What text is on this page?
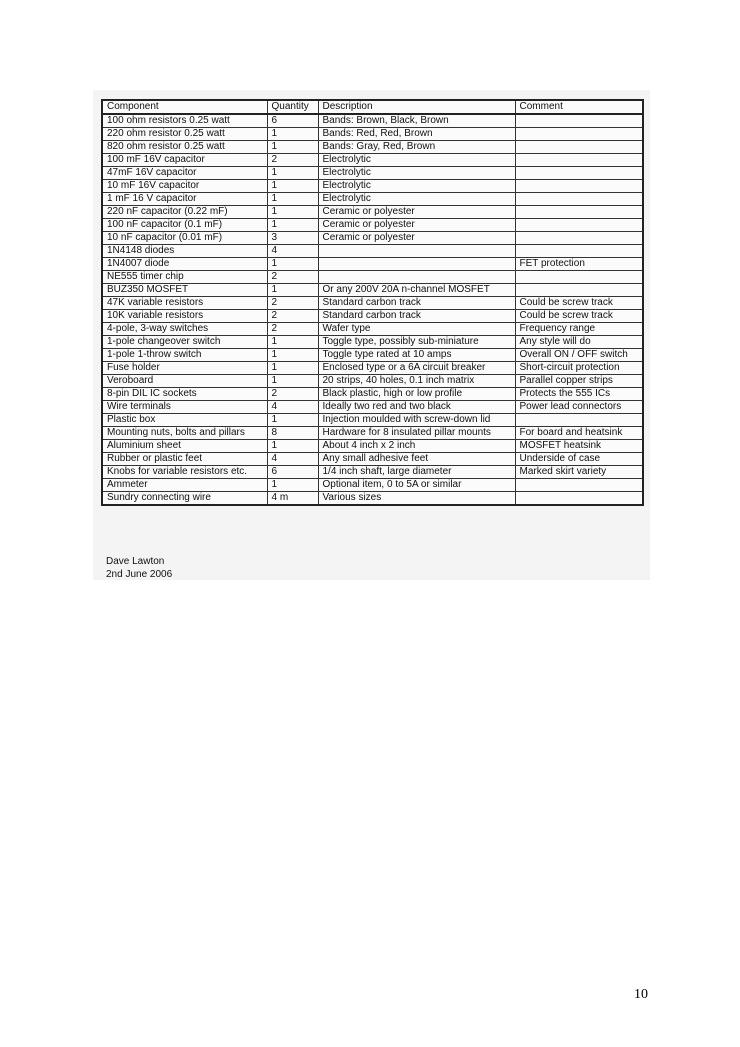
Component	Quantity	Description	Comment
100 ohm resistors 0.25 watt	6	Bands: Brown, Black, Brown	
220 ohm resistor 0.25 watt	1	Bands: Red, Red, Brown	
820 ohm resistor 0.25 watt	1	Bands: Gray, Red, Brown	
100 mF 16V capacitor	2	Electrolytic	
47mF 16V capacitor	1	Electrolytic	
10 mF 16V capacitor	1	Electrolytic	
1 mF 16 V capacitor	1	Electrolytic	
220 nF capacitor (0.22 mF)	1	Ceramic or polyester	
100 nF capacitor (0.1 mF)	1	Ceramic or polyester	
10 nF capacitor (0.01 mF)	3	Ceramic or polyester	
1N4148 diodes	4		
1N4007 diode	1		FET protection
NE555 timer chip	2		
BUZ350 MOSFET	1	Or any 200V 20A n-channel MOSFET	
47K variable resistors	2	Standard carbon track	Could be screw track
10K variable resistors	2	Standard carbon track	Could be screw track
4-pole, 3-way switches	2	Wafer type	Frequency range
1-pole changeover switch	1	Toggle type, possibly sub-miniature	Any style will do
1-pole 1-throw switch	1	Toggle type rated at 10 amps	Overall ON / OFF switch
Fuse holder	1	Enclosed type or a 6A circuit breaker	Short-circuit protection
Veroboard	1	20 strips, 40 holes, 0.1 inch matrix	Parallel copper strips
8-pin DIL IC sockets	2	Black plastic, high or low profile	Protects the 555 ICs
Wire terminals	4	Ideally two red and two black	Power lead connectors
Plastic box	1	Injection moulded with screw-down lid	
Mounting nuts, bolts and pillars	8	Hardware for 8 insulated pillar mounts	For board and heatsink
Aluminium sheet	1	About 4 inch x 2 inch	MOSFET heatsink
Rubber or plastic feet	4	Any small adhesive feet	Underside of case
Knobs for variable resistors etc.	6	1/4 inch shaft, large diameter	Marked skirt variety
Ammeter	1	Optional item, 0 to 5A or similar	
Sundry connecting wire	4 m	Various sizes	
Dave Lawton
2nd June 2006
10
